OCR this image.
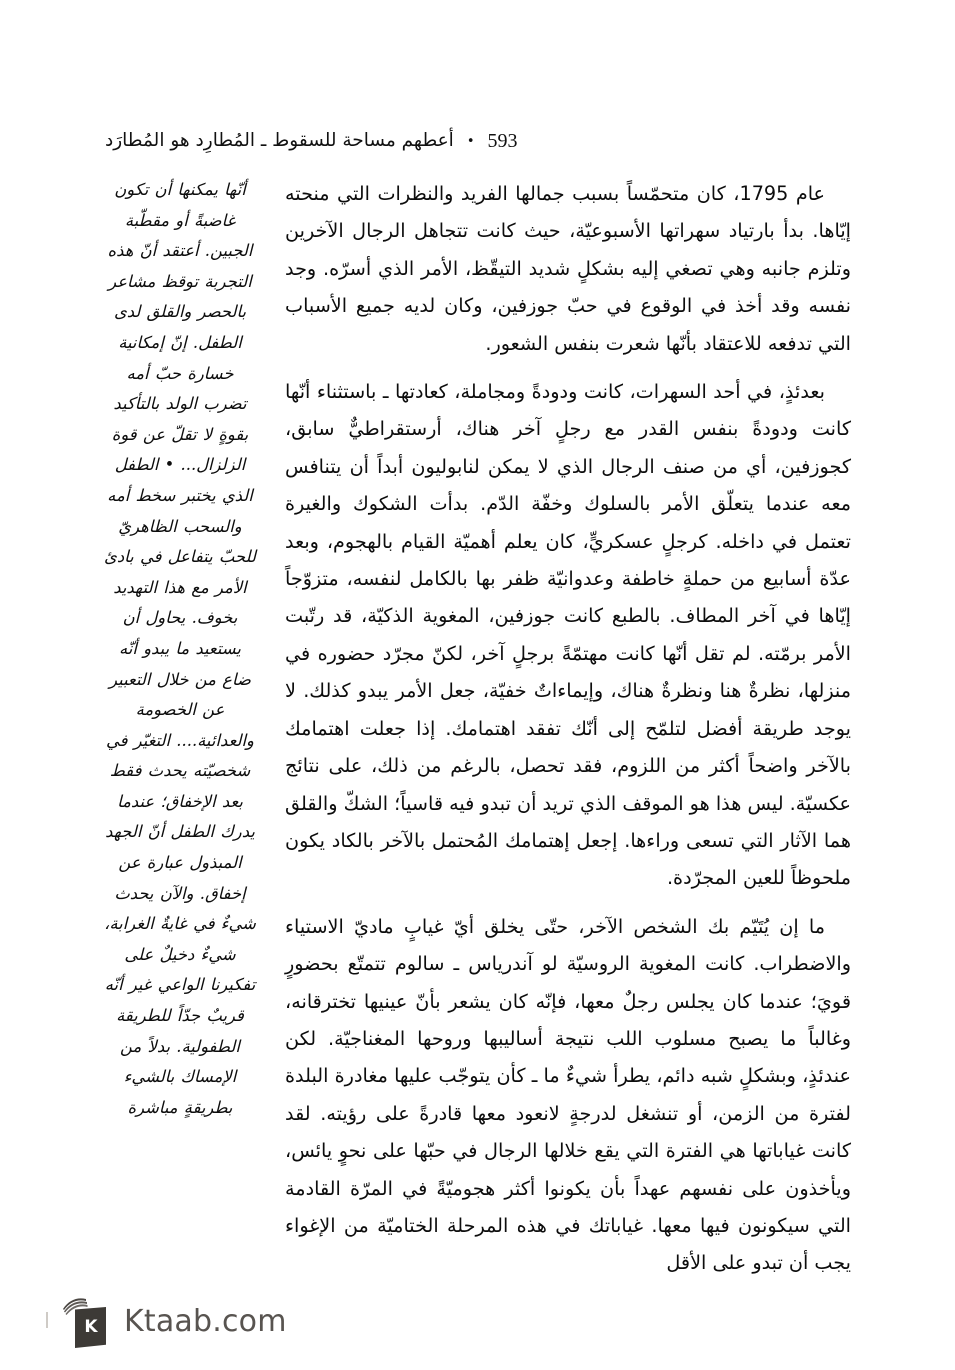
أعطهم مساحة للسقوط ـ المُطارِد هو المُطارَد • 593

عام 1795، كان متحمّساً بسبب جمالها الفريد والنظرات التي منحته إيّاها. بدأ بارتياد سهراتها الأسبوعيّة، حيث كانت تتجاهل الرجال الآخرين وتلزم جانبه وهي تصغي إليه بشكلٍ شديد التيقّظ، الأمر الذي أسرّه. وجد نفسه وقد أخذ في الوقوع في حبّ جوزفين، وكان لديه جميع الأسباب التي تدفعه للاعتقاد بأنّها شعرت بنفس الشعور.

بعدئذٍ، في أحد السهرات، كانت ودودةً ومجاملة، كعادتها ـ باستثناء أنّها كانت ودودةً بنفس القدر مع رجلٍ آخر هناك، أرستقراطيٌّ سابق، كجوزفين، أي من صنف الرجال الذي لا يمكن لنابوليون أبداً أن يتنافس معه عندما يتعلّق الأمر بالسلوك وخفّة الدّم. بدأت الشكوك والغيرة تعتمل في داخله. كرجلٍ عسكريٍّ، كان يعلم أهميّة القيام بالهجوم، وبعد عدّة أسابيع من حملةٍ خاطفة وعدوانيّة ظفر بها بالكامل لنفسه، متزوّجاً إيّاها في آخر المطاف. بالطبع كانت جوزفين، المغوية الذكيّة، قد رتّبت الأمر برمّته. لم تقل أنّها كانت مهتمّةً برجلٍ آخر، لكنّ مجرّد حضوره في منزلها، نظرةٌ هنا ونظرةٌ هناك، وإيماءاتٌ خفيّة، جعل الأمر يبدو كذلك. لا يوجد طريقة أفضل لتلمّح إلى أنّك تفقد اهتمامك. إذا جعلت اهتمامك بالآخر واضحاً أكثر من اللزوم، فقد تحصل، بالرغم من ذلك، على نتائج عكسيّة. ليس هذا هو الموقف الذي تريد أن تبدو فيه قاسياً؛ الشكّ والقلق هما الآثار التي تسعى وراءها. إجعل إهتمامك المُحتمل بالآخر بالكاد يكون ملحوظاً للعين المجرّدة.

ما إن يُتَيّم بك الشخص الآخر، حتّى يخلق أيّ غيابٍ ماديّ الاستياء والاضطراب. كانت المغوية الروسيّة لو آندرياس ـ سالوم تتمتّع بحضورٍ قويَ؛ عندما كان يجلس رجلٌ معها، فإنّه كان يشعر بأنّ عينيها تخترقانه، وغالباً ما يصبح مسلوب اللب نتيجة أساليبها وروحها المغناجيّة. لكن عندئذٍ، وبشكلٍ شبه دائم، يطرأ شيءٌ ما ـ كأن يتوجّب عليها مغادرة البلدة لفترة من الزمن، أو تنشغل لدرجةٍ لانعود معها قادرةً على رؤيته. لقد كانت غياباتها هي الفترة التي يقع خلالها الرجال في حبّها على نحوٍ يائس، ويأخذون على نفسهم عهداً بأن يكونوا أكثر هجوميّةً في المرّة القادمة التي سيكونون فيها معها. غياباتك في هذه المرحلة الختاميّة من الإغواء يجب أن تبدو على الأقل

أنّها يمكنها أن تكون غاضبةً أو مقطّبة الجبين. أعتقد أنّ هذه التجربة توقظ مشاعر بالحصر والقلق لدى الطفل. إنّ إمكانية خسارة حبّ أمه تضرب الولد بالتأكيد بقوةٍ لا تقلّ عن قوة الزلزال... • الطفل الذي يختبر سخط أمه والسحب الظاهريّ للحبّ يتفاعل في بادئ الأمر مع هذا التهديد بخوف. يحاول أن يستعيد ما يبدو أنّه ضاع من خلال التعبير عن الخصومة والعدائية.... التغيّر في شخصيّته يحدث فقط بعد الإخفاق؛ عندما يدرك الطفل أنّ الجهد المبذول عبارة عن إخفاق. والآن يحدث شيءٌ في غايةٌ الغرابة، شيءٌ دخيلٌ على تفكيرنا الواعي غير أنّه قريبٌ جدّاً للطريقة الطفولية. بدلاً من الإمساك بالشيء بطريقةٍ مباشرة

K Ktaab.com
